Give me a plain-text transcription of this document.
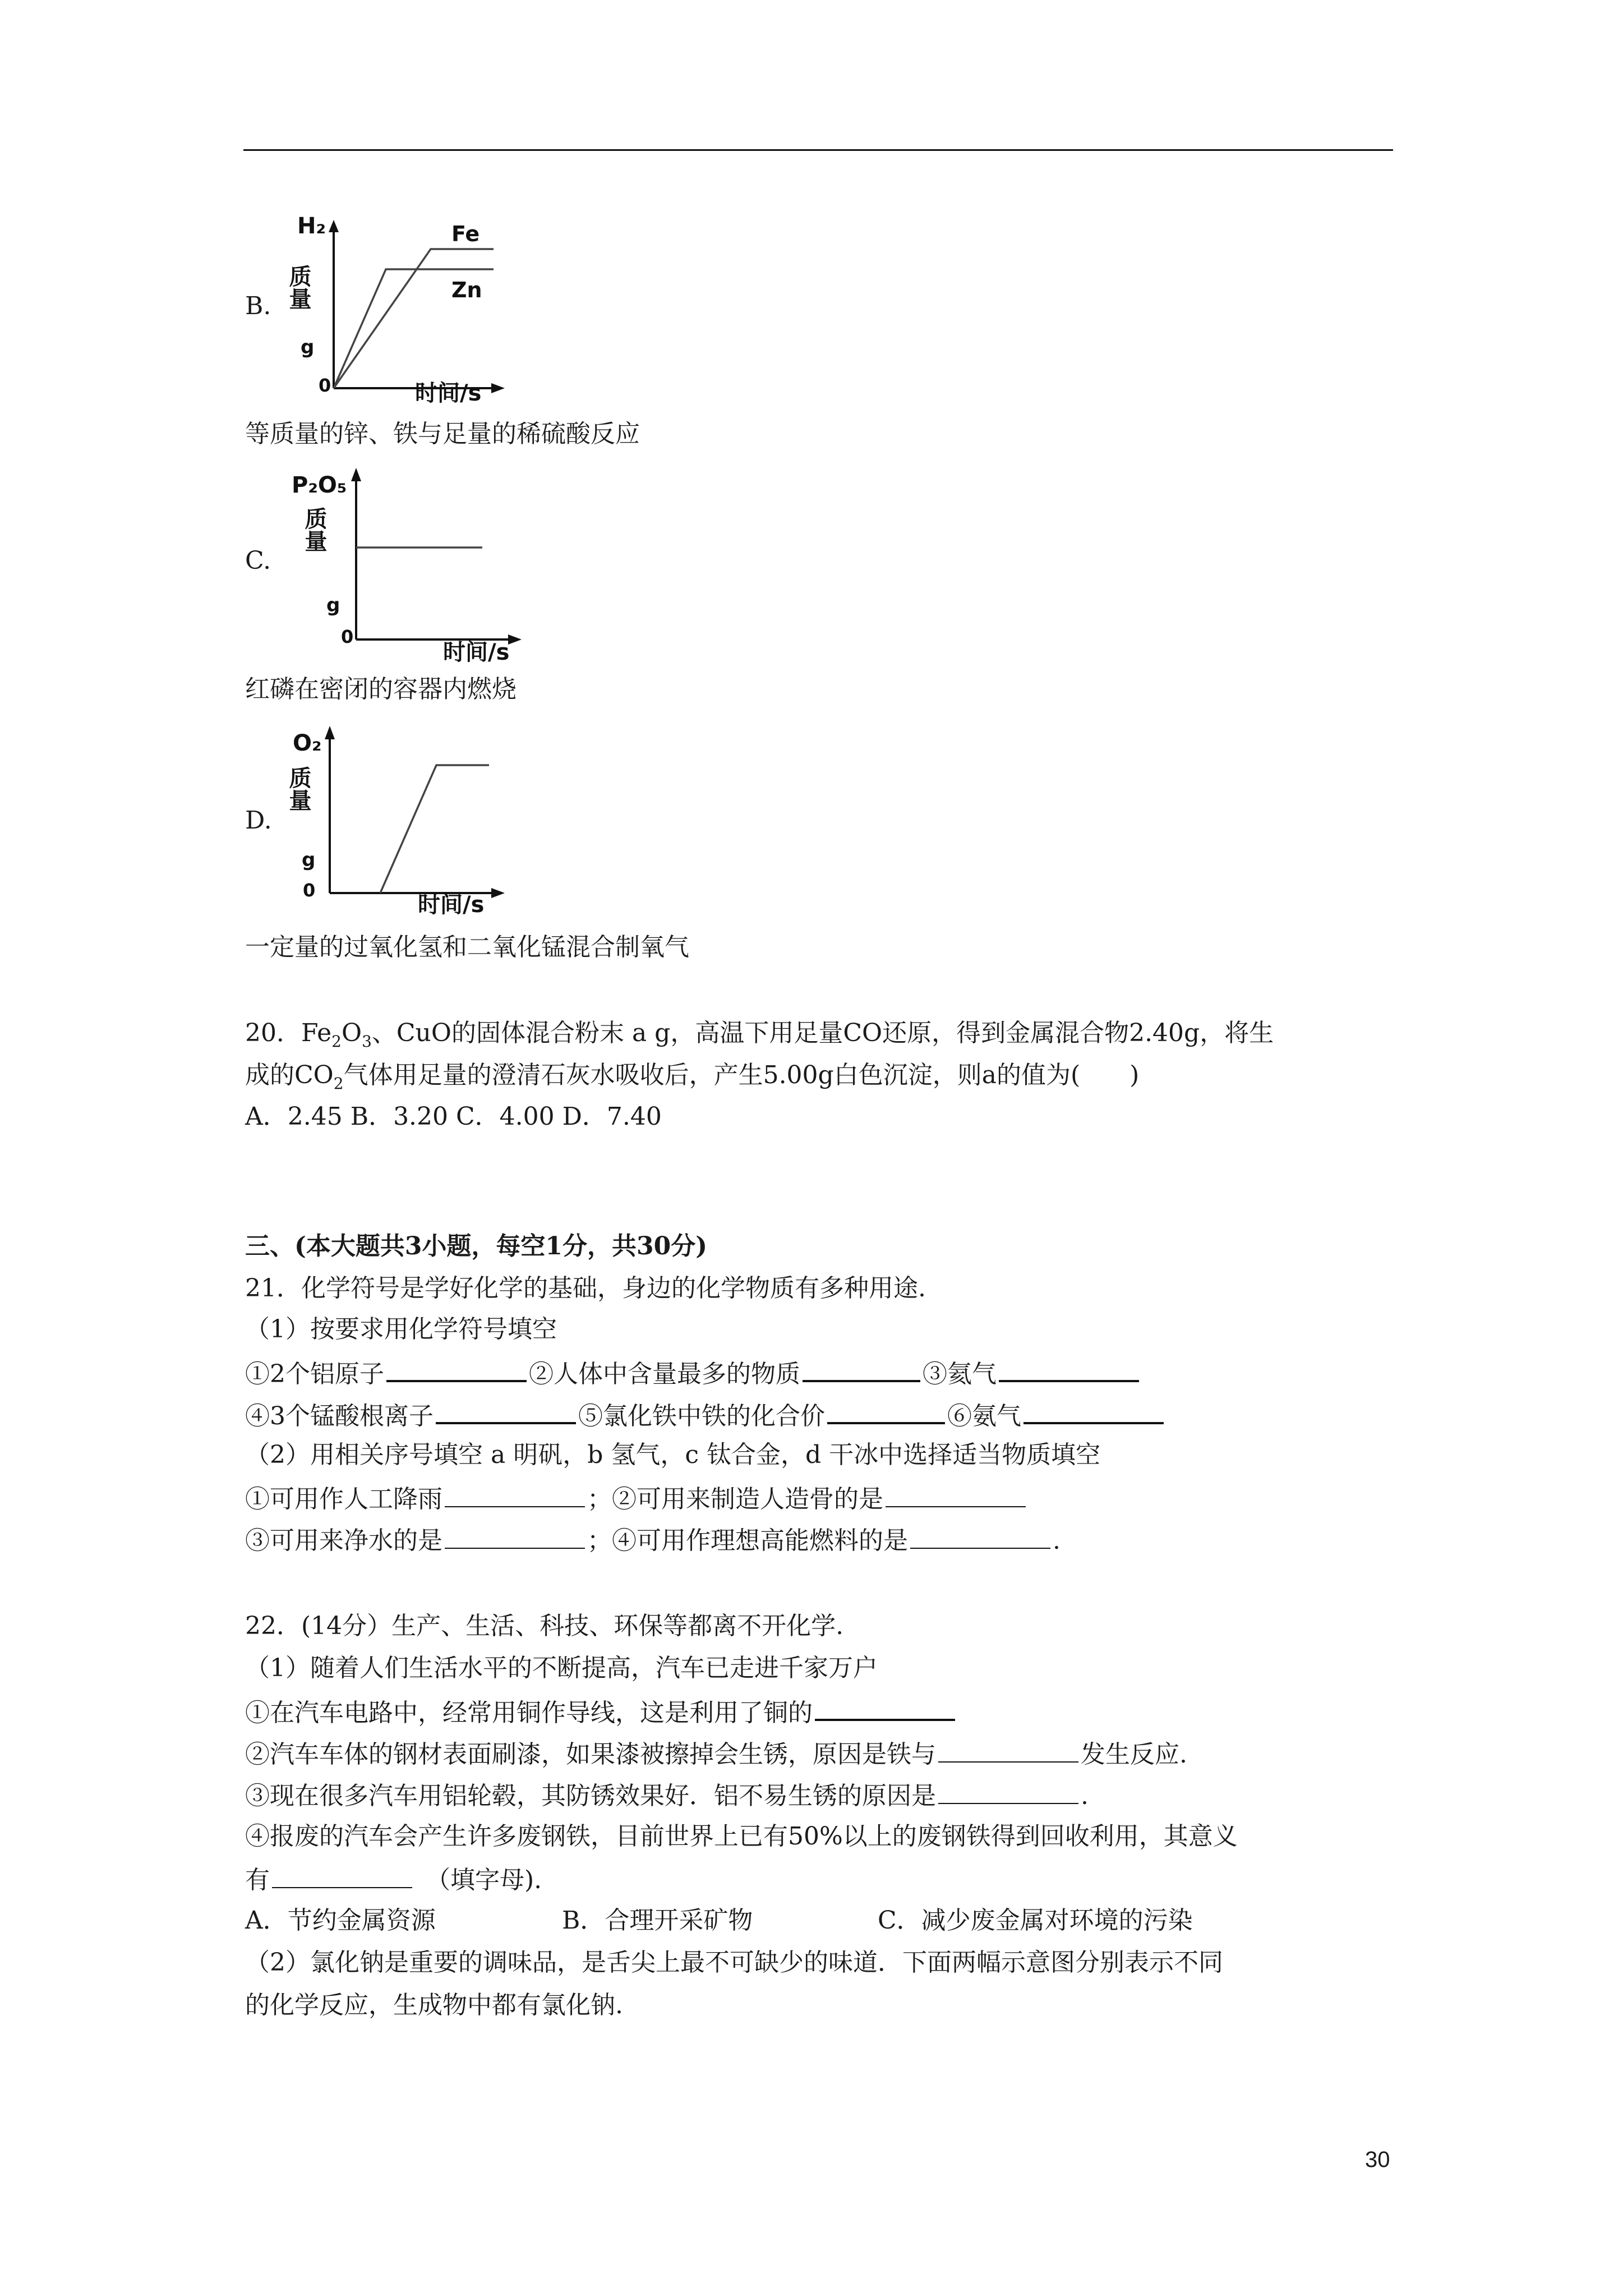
B.
H₂
质量
g
0	时间/s
Fe
Zn
等质量的锌、铁与足量的稀硫酸反应
C.
P₂O₅
质量
g
0
时间/s
红磷在密闭的容器内燃烧
D.
O₂
质量
g
0
时间/s
一定量的过氧化氢和二氧化锰混合制氧气
20．$Fe_2O_3$、CuO的固体混合粉末 a g，高温下用足量CO还原，得到金属混合物2.40g，将生
成的$CO_2$气体用足量的澄清石灰水吸收后，产生5.00g白色沉淀，则a的值为(　　)
A．2.45 B．3.20 C．4.00 D．7.40
三、(本大题共3小题，每空1分，共30分)
21．化学符号是学好化学的基础，身边的化学物质有多种用途.
（1）按要求用化学符号填空
①2个铝原子	②人体中含量最多的物质	③氦气
④3个锰酸根离子	⑤氯化铁中铁的化合价	⑥氨气
（2）用相关序号填空 a 明矾，b 氢气，c 钛合金，d 干冰中选择适当物质填空
①可用作人工降雨	；②可用来制造人造骨的是
③可用来净水的是	；④可用作理想高能燃料的是	.
22．(14分）生产、生活、科技、环保等都离不开化学.
（1）随着人们生活水平的不断提高，汽车已走进千家万户
①在汽车电路中，经常用铜作导线，这是利用了铜的
②汽车车体的钢材表面刷漆，如果漆被擦掉会生锈，原因是铁与	发生反应.
③现在很多汽车用铝轮毂，其防锈效果好．铝不易生锈的原因是	.
④报废的汽车会产生许多废钢铁，目前世界上已有50%以上的废钢铁得到回收利用，其意义
有	（填字母).
A．节约金属资源	B．合理开采矿物	C．减少废金属对环境的污染
（2）氯化钠是重要的调味品，是舌尖上最不可缺少的味道．下面两幅示意图分别表示不同
的化学反应，生成物中都有氯化钠.
30
